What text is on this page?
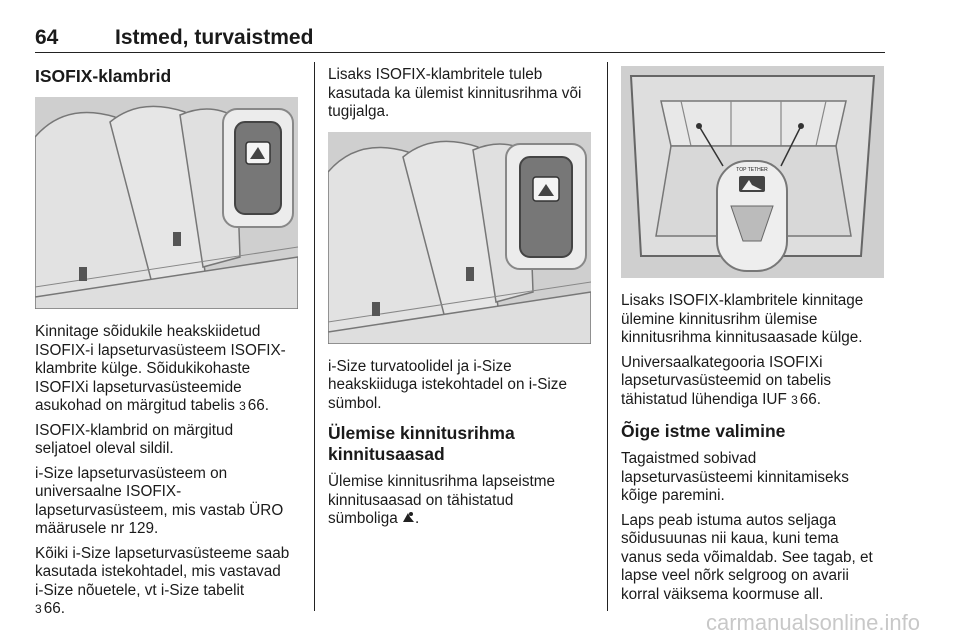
64	Istmed, turvaistmed
ISOFIX-klambrid

Kinnitage sõidukile heakskiidetud
ISOFIX-i lapseturvasüsteem ISOFIX-
klambrite külge. Sõidukikohaste
ISOFIXi lapseturvasüsteemide
asukohad on märgitud tabelis 3 66.

ISOFIX-klambrid on märgitud
seljatoel oleval sildil.

i-Size lapseturvasüsteem on
universaalne ISOFIX-
lapseturvasüsteem, mis vastab ÜRO
määrusele nr 129.

Kõiki i-Size lapseturvasüsteeme saab
kasutada istekohtadel, mis vastavad
i-Size nõuetele, vt i-Size tabelit
3 66.

Lisaks ISOFIX-klambritele tuleb
kasutada ka ülemist kinnitusrihma või
tugijalga.

i-Size turvatoolidel ja i-Size
heakskiiduga istekohtadel on i-Size
sümbol.

Ülemise kinnitusrihma
kinnitusaasad

Ülemise kinnitusrihma lapseistme
kinnitusaasad on tähistatud
sümboliga .

TOP TETHER

Lisaks ISOFIX-klambritele kinnitage
ülemine kinnitusrihm ülemise
kinnitusrihma kinnitusaasade külge.

Universaalkategooria ISOFIXi
lapseturvasüsteemid on tabelis
tähistatud lühendiga IUF 3 66.

Õige istme valimine

Tagaistmed sobivad
lapseturvasüsteemi kinnitamiseks
kõige paremini.

Laps peab istuma autos seljaga
sõidusuunas nii kaua, kuni tema
vanus seda võimaldab. See tagab, et
lapse veel nõrk selgroog on avarii
korral väiksema koormuse all.

carmanualsonline.info
